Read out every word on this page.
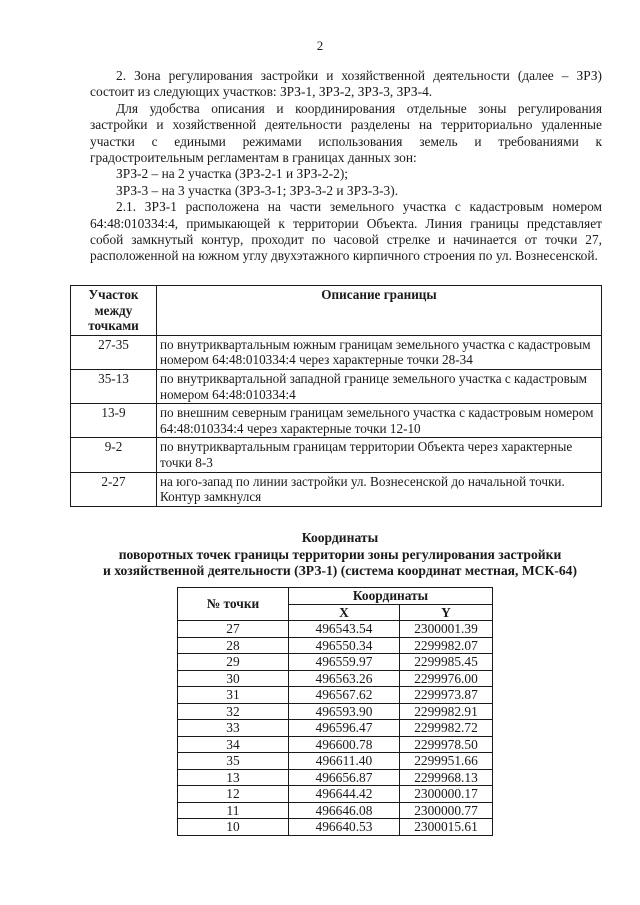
2

2. Зона регулирования застройки и хозяйственной деятельности (далее – ЗРЗ) состоит из следующих участков: ЗРЗ-1, ЗРЗ-2, ЗРЗ-3, ЗРЗ-4.

Для удобства описания и координирования отдельные зоны регулирования застройки и хозяйственной деятельности разделены на территориально удаленные участки с едиными режимами использования земель и требованиями к градостроительным регламентам в границах данных зон:

ЗРЗ-2 – на 2 участка (ЗРЗ-2-1 и ЗРЗ-2-2);

ЗРЗ-3 – на 3 участка (ЗРЗ-3-1; ЗРЗ-3-2 и ЗРЗ-3-3).

2.1. ЗРЗ-1 расположена на части земельного участка с кадастровым номером 64:48:010334:4, примыкающей к территории Объекта. Линия границы представляет собой замкнутый контур, проходит по часовой стрелке и начинается от точки 27, расположенной на южном углу двухэтажного кирпичного строения по ул. Вознесенской.

Участок между точками	Описание границы
27-35	по внутриквартальным южным границам земельного участка с кадастровым номером 64:48:010334:4 через характерные точки 28-34
35-13	по внутриквартальной западной границе земельного участка с кадастровым номером 64:48:010334:4
13-9	по внешним северным границам земельного участка с кадастровым номером 64:48:010334:4 через характерные точки 12-10
9-2	по внутриквартальным границам территории Объекта через характерные точки 8-3
2-27	на юго-запад по линии застройки ул. Вознесенской до начальной точки. Контур замкнулся

Координаты

поворотных точек границы территории зоны регулирования застройки

и хозяйственной деятельности (ЗРЗ-1) (система координат местная, МСК-64)

№ точки	Координаты	
	X	Y
27	496543.54	2300001.39
28	496550.34	2299982.07
29	496559.97	2299985.45
30	496563.26	2299976.00
31	496567.62	2299973.87
32	496593.90	2299982.91
33	496596.47	2299982.72
34	496600.78	2299978.50
35	496611.40	2299951.66
13	496656.87	2299968.13
12	496644.42	2300000.17
11	496646.08	2300000.77
10	496640.53	2300015.61
